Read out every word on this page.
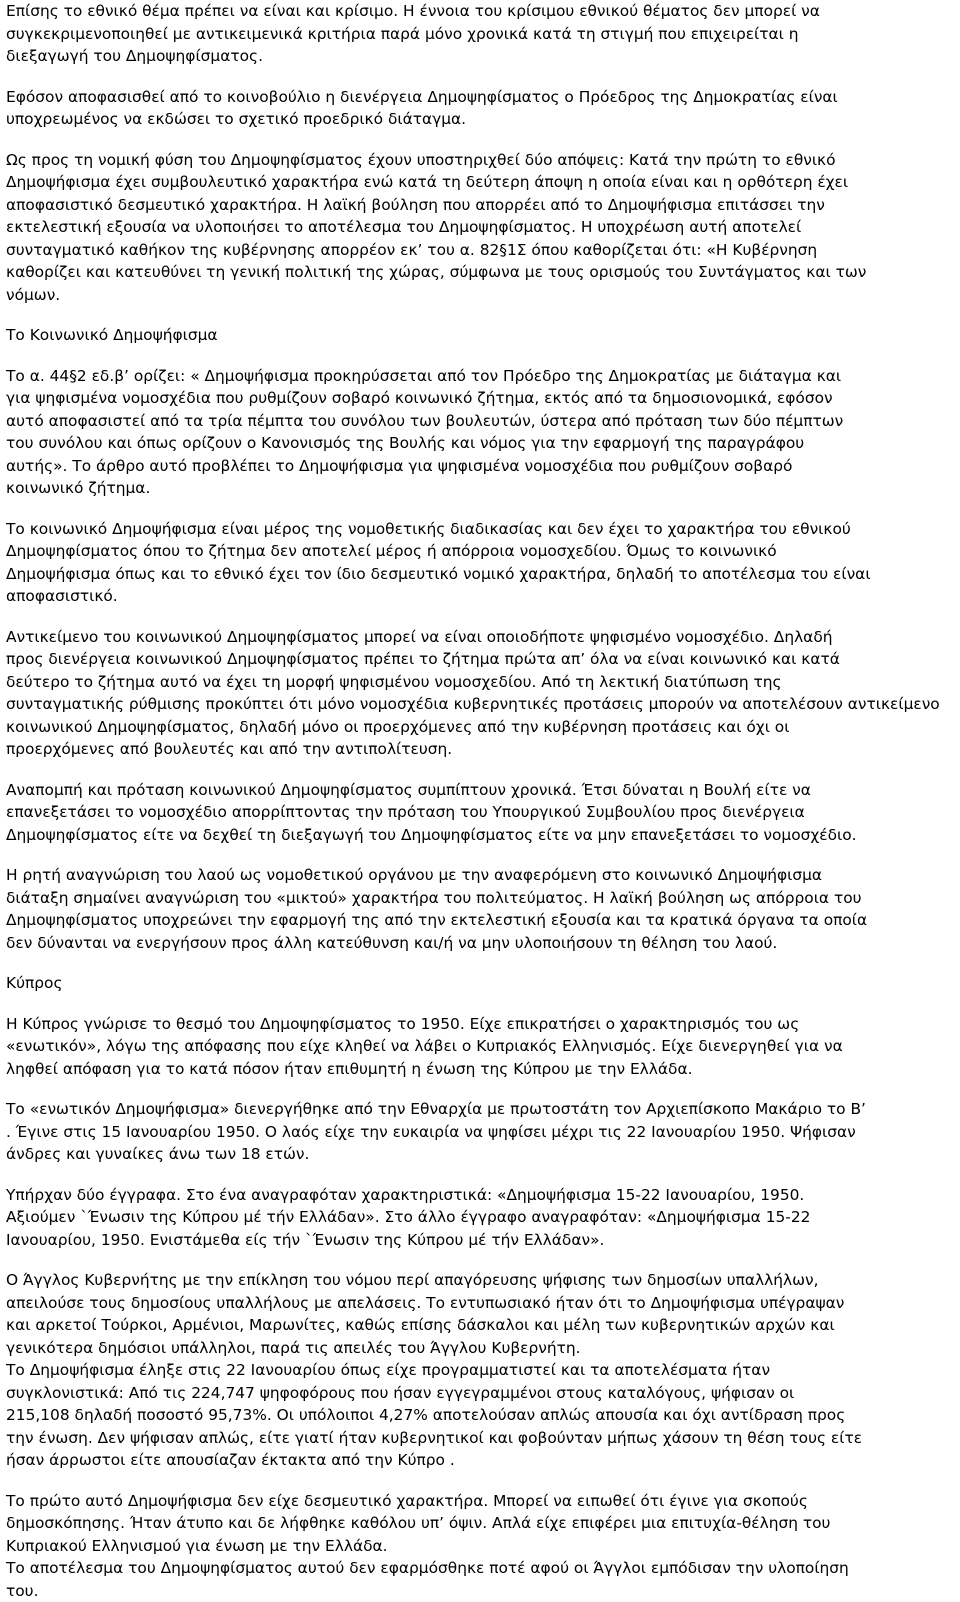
Επίσης το εθνικό θέμα πρέπει να είναι και κρίσιμο. Η έννοια του κρίσιμου εθνικού θέματος δεν μπορεί να
συγκεκριμενοποιηθεί με αντικειμενικά κριτήρια παρά μόνο χρονικά κατά τη στιγμή που επιχειρείται η
διεξαγωγή του Δημοψηφίσματος.

Εφόσον αποφασισθεί από το κοινοβούλιο η διενέργεια Δημοψηφίσματος ο Πρόεδρος της Δημοκρατίας είναι
υποχρεωμένος να εκδώσει το σχετικό προεδρικό διάταγμα.

Ως προς τη νομική φύση του Δημοψηφίσματος έχουν υποστηριχθεί δύο απόψεις: Κατά την πρώτη το εθνικό
Δημοψήφισμα έχει συμβουλευτικό χαρακτήρα ενώ κατά τη δεύτερη άποψη η οποία είναι και η ορθότερη έχει
αποφασιστικό δεσμευτικό χαρακτήρα. Η λαϊκή βούληση που απορρέει από το Δημοψήφισμα επιτάσσει την
εκτελεστική εξουσία να υλοποιήσει το αποτέλεσμα του Δημοψηφίσματος. Η υποχρέωση αυτή αποτελεί
συνταγματικό καθήκον της κυβέρνησης απορρέον εκ’ του α. 82§1Σ όπου καθορίζεται ότι: «Η Κυβέρνηση
καθορίζει και κατευθύνει τη γενική πολιτική της χώρας, σύμφωνα με τους ορισμούς του Συντάγματος και των
νόμων.

Το Κοινωνικό Δημοψήφισμα

Το α. 44§2 εδ.β’ ορίζει: « Δημοψήφισμα προκηρύσσεται από τον Πρόεδρο της Δημοκρατίας με διάταγμα και
για ψηφισμένα νομοσχέδια που ρυθμίζουν σοβαρό κοινωνικό ζήτημα, εκτός από τα δημοσιονομικά, εφόσον
αυτό αποφασιστεί από τα τρία πέμπτα του συνόλου των βουλευτών, ύστερα από πρόταση των δύο πέμπτων
του συνόλου και όπως ορίζουν ο Κανονισμός της Βουλής και νόμος για την εφαρμογή της παραγράφου
αυτής». Το άρθρο αυτό προβλέπει το Δημοψήφισμα για ψηφισμένα νομοσχέδια που ρυθμίζουν σοβαρό
κοινωνικό ζήτημα.

Το κοινωνικό Δημοψήφισμα είναι μέρος της νομοθετικής διαδικασίας και δεν έχει το χαρακτήρα του εθνικού
Δημοψηφίσματος όπου το ζήτημα δεν αποτελεί μέρος ή απόρροια νομοσχεδίου. Όμως το κοινωνικό
Δημοψήφισμα όπως και το εθνικό έχει τον ίδιο δεσμευτικό νομικό χαρακτήρα, δηλαδή το αποτέλεσμα του είναι
αποφασιστικό.

Αντικείμενο του κοινωνικού Δημοψηφίσματος μπορεί να είναι οποιοδήποτε ψηφισμένο νομοσχέδιο. Δηλαδή
προς διενέργεια κοινωνικού Δημοψηφίσματος πρέπει το ζήτημα πρώτα απ’ όλα να είναι κοινωνικό και κατά
δεύτερο το ζήτημα αυτό να έχει τη μορφή ψηφισμένου νομοσχεδίου. Από τη λεκτική διατύπωση της
συνταγματικής ρύθμισης προκύπτει ότι μόνο νομοσχέδια κυβερνητικές προτάσεις μπορούν να αποτελέσουν αντικείμενο
κοινωνικού Δημοψηφίσματος, δηλαδή μόνο οι προερχόμενες από την κυβέρνηση προτάσεις και όχι οι
προερχόμενες από βουλευτές και από την αντιπολίτευση.

Αναπομπή και πρόταση κοινωνικού Δημοψηφίσματος συμπίπτουν χρονικά. Έτσι δύναται η Βουλή είτε να
επανεξετάσει το νομοσχέδιο απορρίπτοντας την πρόταση του Υπουργικού Συμβουλίου προς διενέργεια
Δημοψηφίσματος είτε να δεχθεί τη διεξαγωγή του Δημοψηφίσματος είτε να μην επανεξετάσει το νομοσχέδιο.

Η ρητή αναγνώριση του λαού ως νομοθετικού οργάνου με την αναφερόμενη στο κοινωνικό Δημοψήφισμα
διάταξη σημαίνει αναγνώριση του «μικτού» χαρακτήρα του πολιτεύματος. Η λαϊκή βούληση ως απόρροια του
Δημοψηφίσματος υποχρεώνει την εφαρμογή της από την εκτελεστική εξουσία και τα κρατικά όργανα τα οποία
δεν δύνανται να ενεργήσουν προς άλλη κατεύθυνση και/ή να μην υλοποιήσουν τη θέληση του λαού.

Κύπρος

Η Κύπρος γνώρισε το θεσμό του Δημοψηφίσματος το 1950. Είχε επικρατήσει ο χαρακτηρισμός του ως
«ενωτικόν», λόγω της απόφασης που είχε κληθεί να λάβει ο Κυπριακός Ελληνισμός. Είχε διενεργηθεί για να
ληφθεί απόφαση για το κατά πόσον ήταν επιθυμητή η ένωση της Κύπρου με την Ελλάδα.

Το «ενωτικόν Δημοψήφισμα» διενεργήθηκε από την Εθναρχία με πρωτοστάτη τον Αρχιεπίσκοπο Μακάριο το Β’
. Έγινε στις 15 Ιανουαρίου 1950. Ο λαός είχε την ευκαιρία να ψηφίσει μέχρι τις 22 Ιανουαρίου 1950. Ψήφισαν
άνδρες και γυναίκες άνω των 18 ετών.

Υπήρχαν δύο έγγραφα. Στο ένα αναγραφόταν χαρακτηριστικά: «Δημοψήφισμα 15-22 Ιανουαρίου, 1950.
Αξιούμεν `Ένωσιν της Κύπρου μέ τήν Ελλάδαν». Στο άλλο έγγραφο αναγραφόταν: «Δημοψήφισμα 15-22
Ιανουαρίου, 1950. Ενιστάμεθα είς τήν `Ένωσιν της Κύπρου μέ τήν Ελλάδαν».

Ο Άγγλος Κυβερνήτης με την επίκληση του νόμου περί απαγόρευσης ψήφισης των δημοσίων υπαλλήλων,
απειλούσε τους δημοσίους υπαλλήλους με απελάσεις. Το εντυπωσιακό ήταν ότι το Δημοψήφισμα υπέγραψαν
και αρκετοί Τούρκοι, Αρμένιοι, Μαρωνίτες, καθώς επίσης δάσκαλοι και μέλη των κυβερνητικών αρχών και
γενικότερα δημόσιοι υπάλληλοι, παρά τις απειλές του Άγγλου Κυβερνήτη.
Το Δημοψήφισμα έληξε στις 22 Ιανουαρίου όπως είχε προγραμματιστεί και τα αποτελέσματα ήταν
συγκλονιστικά: Από τις 224,747 ψηφοφόρους που ήσαν εγγεγραμμένοι στους καταλόγους, ψήφισαν οι
215,108 δηλαδή ποσοστό 95,73%. Οι υπόλοιποι 4,27% αποτελούσαν απλώς απουσία και όχι αντίδραση προς
την ένωση. Δεν ψήφισαν απλώς, είτε γιατί ήταν κυβερνητικοί και φοβούνταν μήπως χάσουν τη θέση τους είτε
ήσαν άρρωστοι είτε απουσίαζαν έκτακτα από την Κύπρο .

Το πρώτο αυτό Δημοψήφισμα δεν είχε δεσμευτικό χαρακτήρα. Μπορεί να ειπωθεί ότι έγινε για σκοπούς
δημοσκόπησης. Ήταν άτυπο και δε λήφθηκε καθόλου υπ’ όψιν. Απλά είχε επιφέρει μια επιτυχία-θέληση του
Κυπριακού Ελληνισμού για ένωση με την Ελλάδα.
Το αποτέλεσμα του Δημοψηφίσματος αυτού δεν εφαρμόσθηκε ποτέ αφού οι Άγγλοι εμπόδισαν την υλοποίηση
του.
